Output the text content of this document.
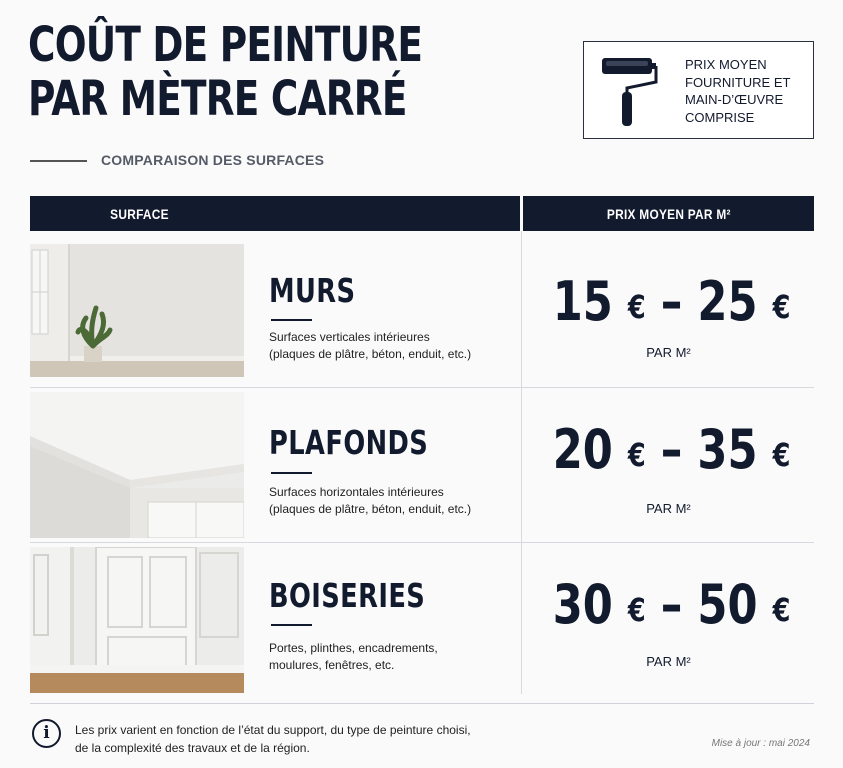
COÛT DE PEINTURE
PAR MÈTRE CARRÉ
PRIX MOYEN
FOURNITURE ET
MAIN-D’ŒUVRE
COMPRISE
COMPARAISON DES SURFACES
SURFACE	PRIX MOYEN PAR M²
MURS
Surfaces verticales intérieures
(plaques de plâtre, béton, enduit, etc.)
15 € – 25 €
PAR M²
PLAFONDS
Surfaces horizontales intérieures
(plaques de plâtre, béton, enduit, etc.)
20 € – 35 €
PAR M²
BOISERIES
Portes, plinthes, encadrements,
moulures, fenêtres, etc.
30 € – 50 €
PAR M²
i	Les prix varient en fonction de l’état du support, du type de peinture choisi,
de la complexité des travaux et de la région.	Mise à jour : mai 2024
